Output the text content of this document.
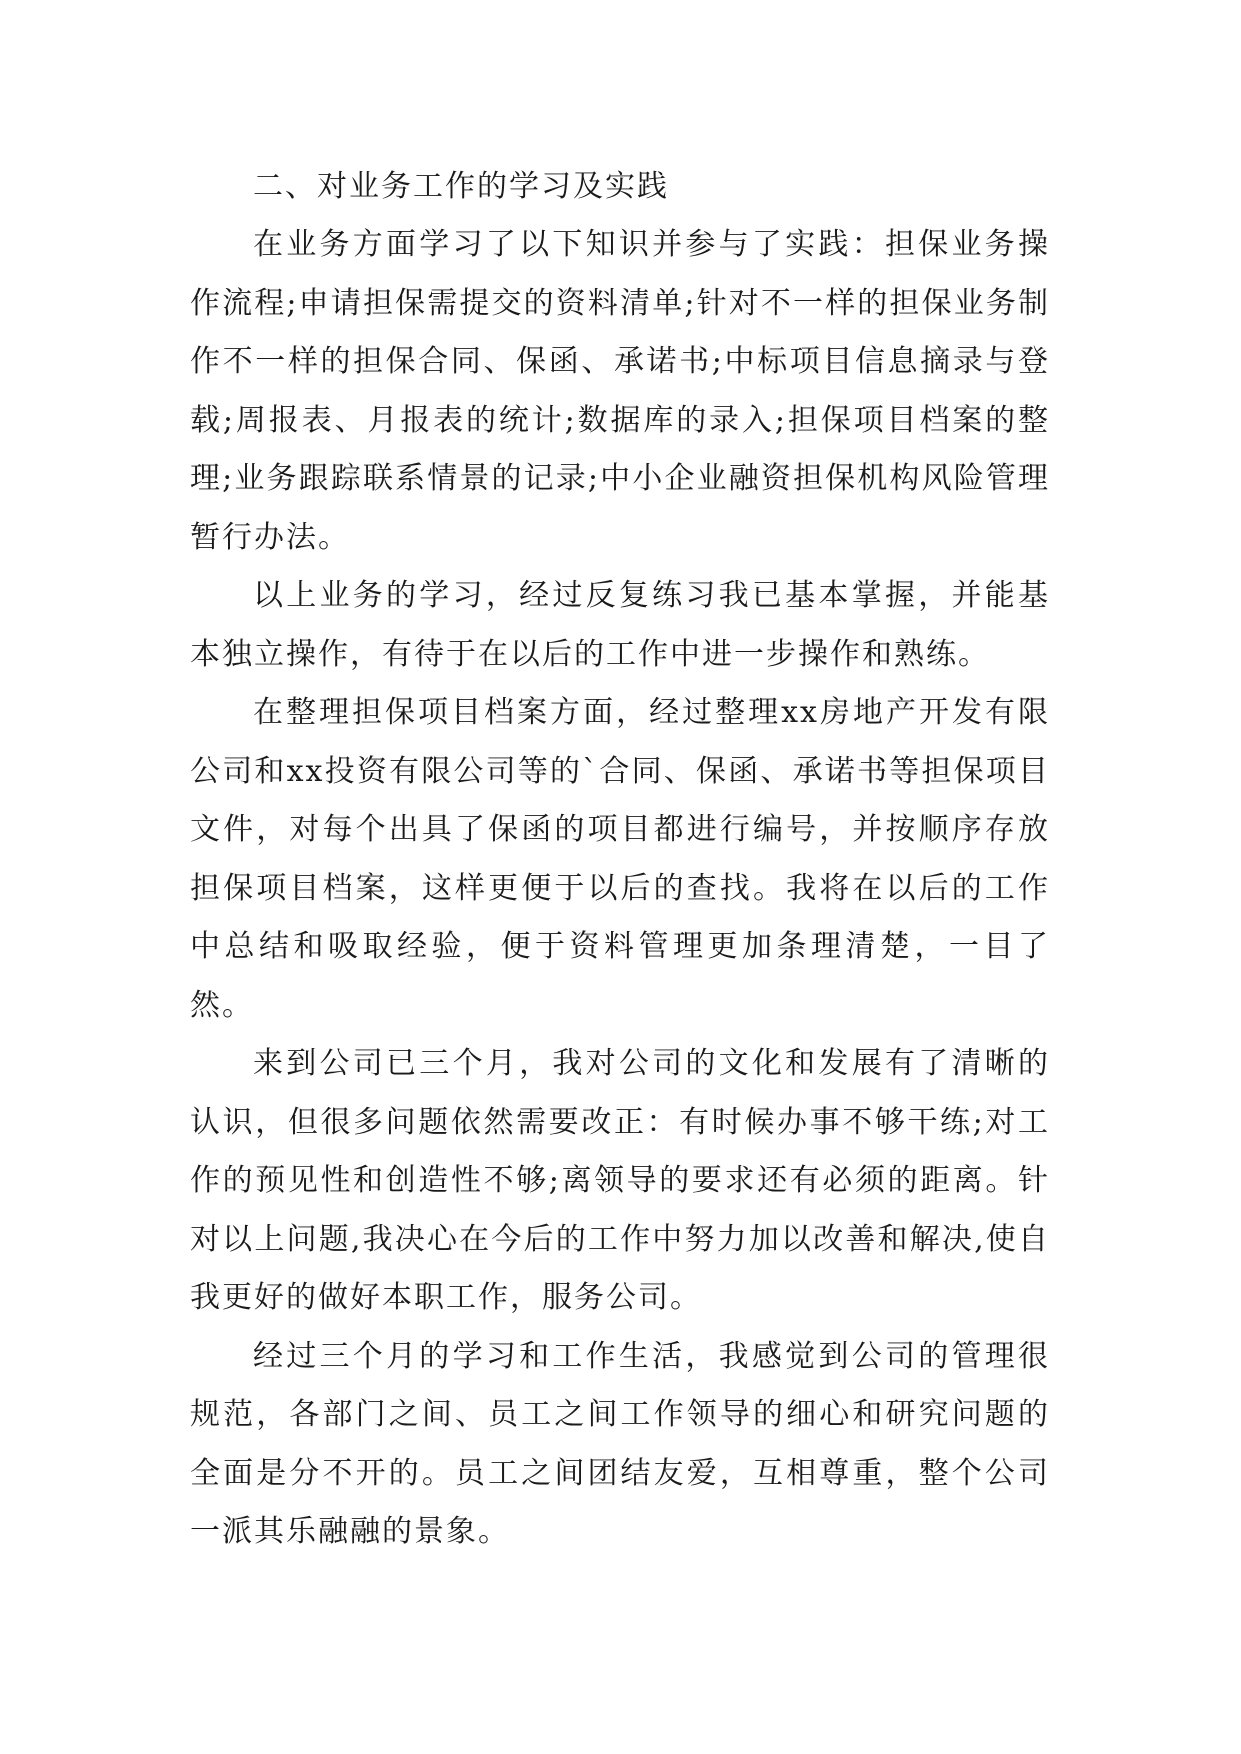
二、对业务工作的学习及实践

在业务方面学习了以下知识并参与了实践：担保业务操作流程;申请担保需提交的资料清单;针对不一样的担保业务制作不一样的担保合同、保函、承诺书;中标项目信息摘录与登载;周报表、月报表的统计;数据库的录入;担保项目档案的整理;业务跟踪联系情景的记录;中小企业融资担保机构风险管理暂行办法。

以上业务的学习，经过反复练习我已基本掌握，并能基本独立操作，有待于在以后的工作中进一步操作和熟练。

在整理担保项目档案方面，经过整理xx房地产开发有限公司和xx投资有限公司等的`合同、保函、承诺书等担保项目文件，对每个出具了保函的项目都进行编号，并按顺序存放担保项目档案，这样更便于以后的查找。我将在以后的工作中总结和吸取经验，便于资料管理更加条理清楚，一目了然。

来到公司已三个月，我对公司的文化和发展有了清晰的认识，但很多问题依然需要改正：有时候办事不够干练;对工作的预见性和创造性不够;离领导的要求还有必须的距离。针对以上问题,我决心在今后的工作中努力加以改善和解决,使自我更好的做好本职工作，服务公司。

经过三个月的学习和工作生活，我感觉到公司的管理很规范，各部门之间、员工之间工作领导的细心和研究问题的全面是分不开的。员工之间团结友爱，互相尊重，整个公司一派其乐融融的景象。
